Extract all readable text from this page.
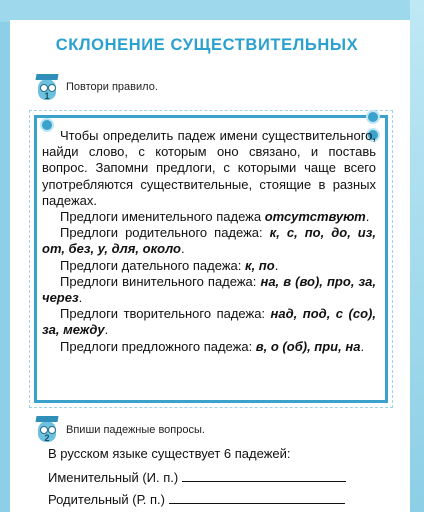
СКЛОНЕНИЕ СУЩЕСТВИТЕЛЬНЫХ
1
Повтори правило.

Чтобы определить падеж имени существительного, найди слово, с которым оно связано, и поставь вопрос. Запомни предлоги, с которыми чаще всего употребляются существительные, стоящие в разных падежах.

Предлоги именительного падежа отсутствуют.

Предлоги родительного падежа: к, с, по, до, из, от, без, у, для, около.

Предлоги дательного падежа: к, по.

Предлоги винительного падежа: на, в (во), про, за, через.

Предлоги творительного падежа: над, под, с (со), за, между.

Предлоги предложного падежа: в, о (об), при, на.

2
Впиши падежные вопросы.
В русском языке существует 6 падежей:
Именительный (И. п.)
Родительный (Р. п.)
